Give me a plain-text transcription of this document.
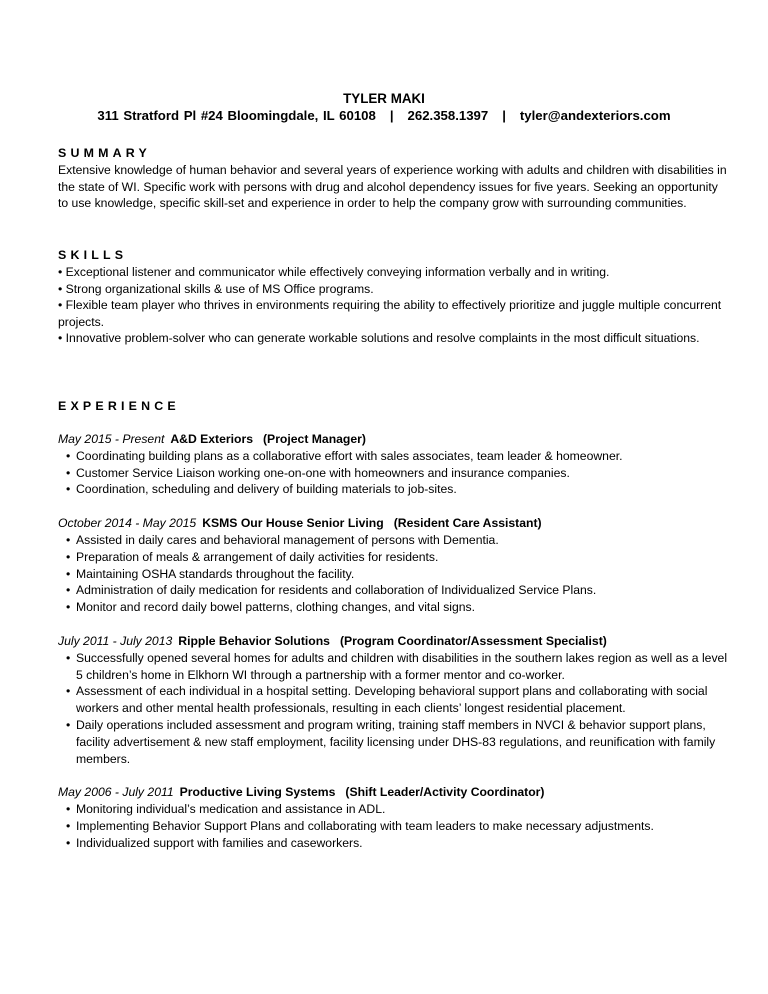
TYLER MAKI
311 Stratford Pl #24 Bloomingdale, IL 60108 | 262.358.1397 | tyler@andexteriors.com
SUMMARY
Extensive knowledge of human behavior and several years of experience working with adults and children with disabilities in the state of WI. Specific work with persons with drug and alcohol dependency issues for five years. Seeking an opportunity to use knowledge, specific skill-set and experience in order to help the company grow with surrounding communities.
SKILLS
• Exceptional listener and communicator while effectively conveying information verbally and in writing.
• Strong organizational skills & use of MS Office programs.
• Flexible team player who thrives in environments requiring the ability to effectively prioritize and juggle multiple concurrent projects.
• Innovative problem-solver who can generate workable solutions and resolve complaints in the most difficult situations.
EXPERIENCE
May 2015 - Present A&D Exteriors (Project Manager)
• Coordinating building plans as a collaborative effort with sales associates, team leader & homeowner.
• Customer Service Liaison working one-on-one with homeowners and insurance companies.
• Coordination, scheduling and delivery of building materials to job-sites.
October 2014 - May 2015 KSMS Our House Senior Living (Resident Care Assistant)
• Assisted in daily cares and behavioral management of persons with Dementia.
• Preparation of meals & arrangement of daily activities for residents.
• Maintaining OSHA standards throughout the facility.
• Administration of daily medication for residents and collaboration of Individualized Service Plans.
• Monitor and record daily bowel patterns, clothing changes, and vital signs.
July 2011 - July 2013 Ripple Behavior Solutions (Program Coordinator/Assessment Specialist)
• Successfully opened several homes for adults and children with disabilities in the southern lakes region as well as a level 5 children’s home in Elkhorn WI through a partnership with a former mentor and co-worker.
• Assessment of each individual in a hospital setting. Developing behavioral support plans and collaborating with social workers and other mental health professionals, resulting in each clients’ longest residential placement.
• Daily operations included assessment and program writing, training staff members in NVCI & behavior support plans, facility advertisement & new staff employment, facility licensing under DHS-83 regulations, and reunification with family members.
May 2006 - July 2011 Productive Living Systems (Shift Leader/Activity Coordinator)
• Monitoring individual’s medication and assistance in ADL.
• Implementing Behavior Support Plans and collaborating with team leaders to make necessary adjustments.
• Individualized support with families and caseworkers.
